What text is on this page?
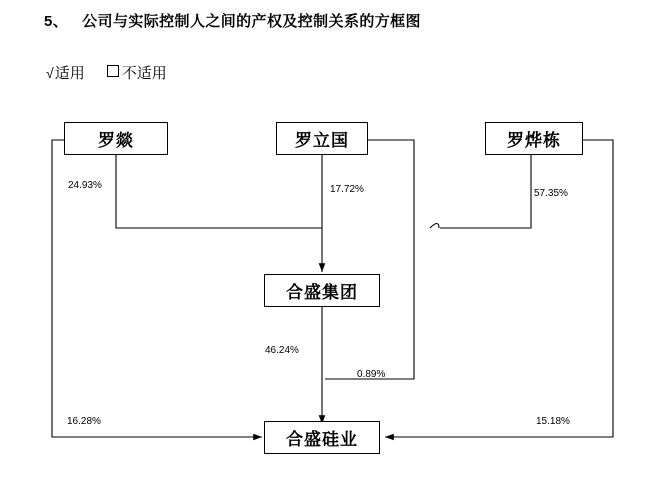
5、 公司与实际控制人之间的产权及控制关系的方框图
√适用 不适用
罗燚	罗立国	罗烨栋
合盛集团
合盛硅业
24.93%	17.72%	57.35%
46.24%
0.89%
16.28%	15.18%
